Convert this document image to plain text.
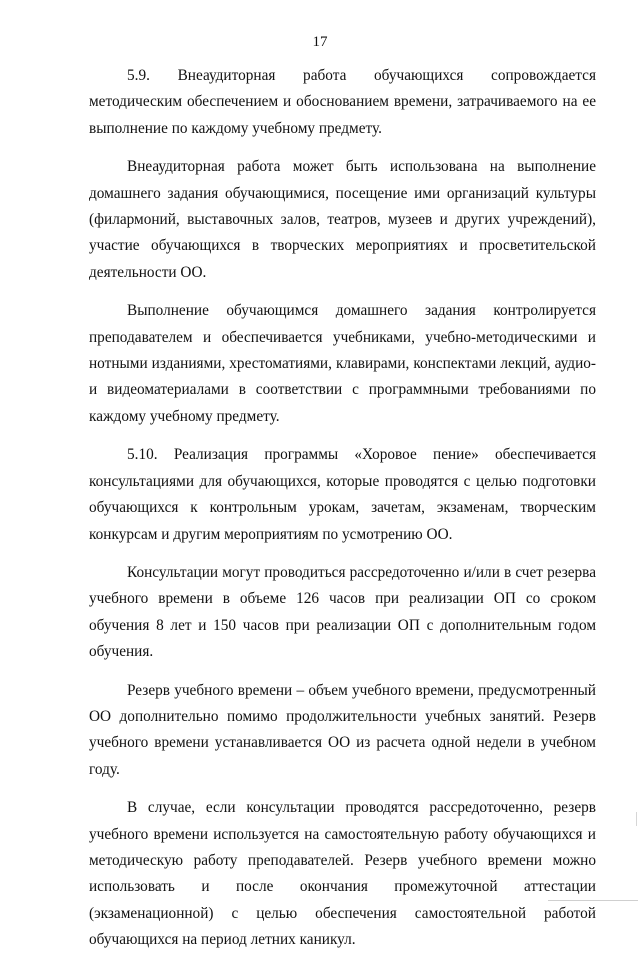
17

5.9. Внеаудиторная работа обучающихся сопровождается методическим обеспечением и обоснованием времени, затрачиваемого на ее выполнение по каждому учебному предмету.

Внеаудиторная работа может быть использована на выполнение домашнего задания обучающимися, посещение ими организаций культуры (филармоний, выставочных залов, театров, музеев и других учреждений), участие обучающихся в творческих мероприятиях и просветительской деятельности ОО.

Выполнение обучающимся домашнего задания контролируется преподавателем и обеспечивается учебниками, учебно-методическими и нотными изданиями, хрестоматиями, клавирами, конспектами лекций, аудио- и видеоматериалами в соответствии с программными требованиями по каждому учебному предмету.

5.10. Реализация программы «Хоровое пение» обеспечивается консультациями для обучающихся, которые проводятся с целью подготовки обучающихся к контрольным урокам, зачетам, экзаменам, творческим конкурсам и другим мероприятиям по усмотрению ОО.

Консультации могут проводиться рассредоточенно и/или в счет резерва учебного времени в объеме 126 часов при реализации ОП со сроком обучения 8 лет и 150 часов при реализации ОП с дополнительным годом обучения.

Резерв учебного времени – объем учебного времени, предусмотренный ОО дополнительно помимо продолжительности учебных занятий. Резерв учебного времени устанавливается ОО из расчета одной недели в учебном году.

В случае, если консультации проводятся рассредоточенно, резерв учебного времени используется на самостоятельную работу обучающихся и методическую работу преподавателей. Резерв учебного времени можно использовать и после окончания промежуточной аттестации (экзаменационной) с целью обеспечения самостоятельной работой обучающихся на период летних каникул.
